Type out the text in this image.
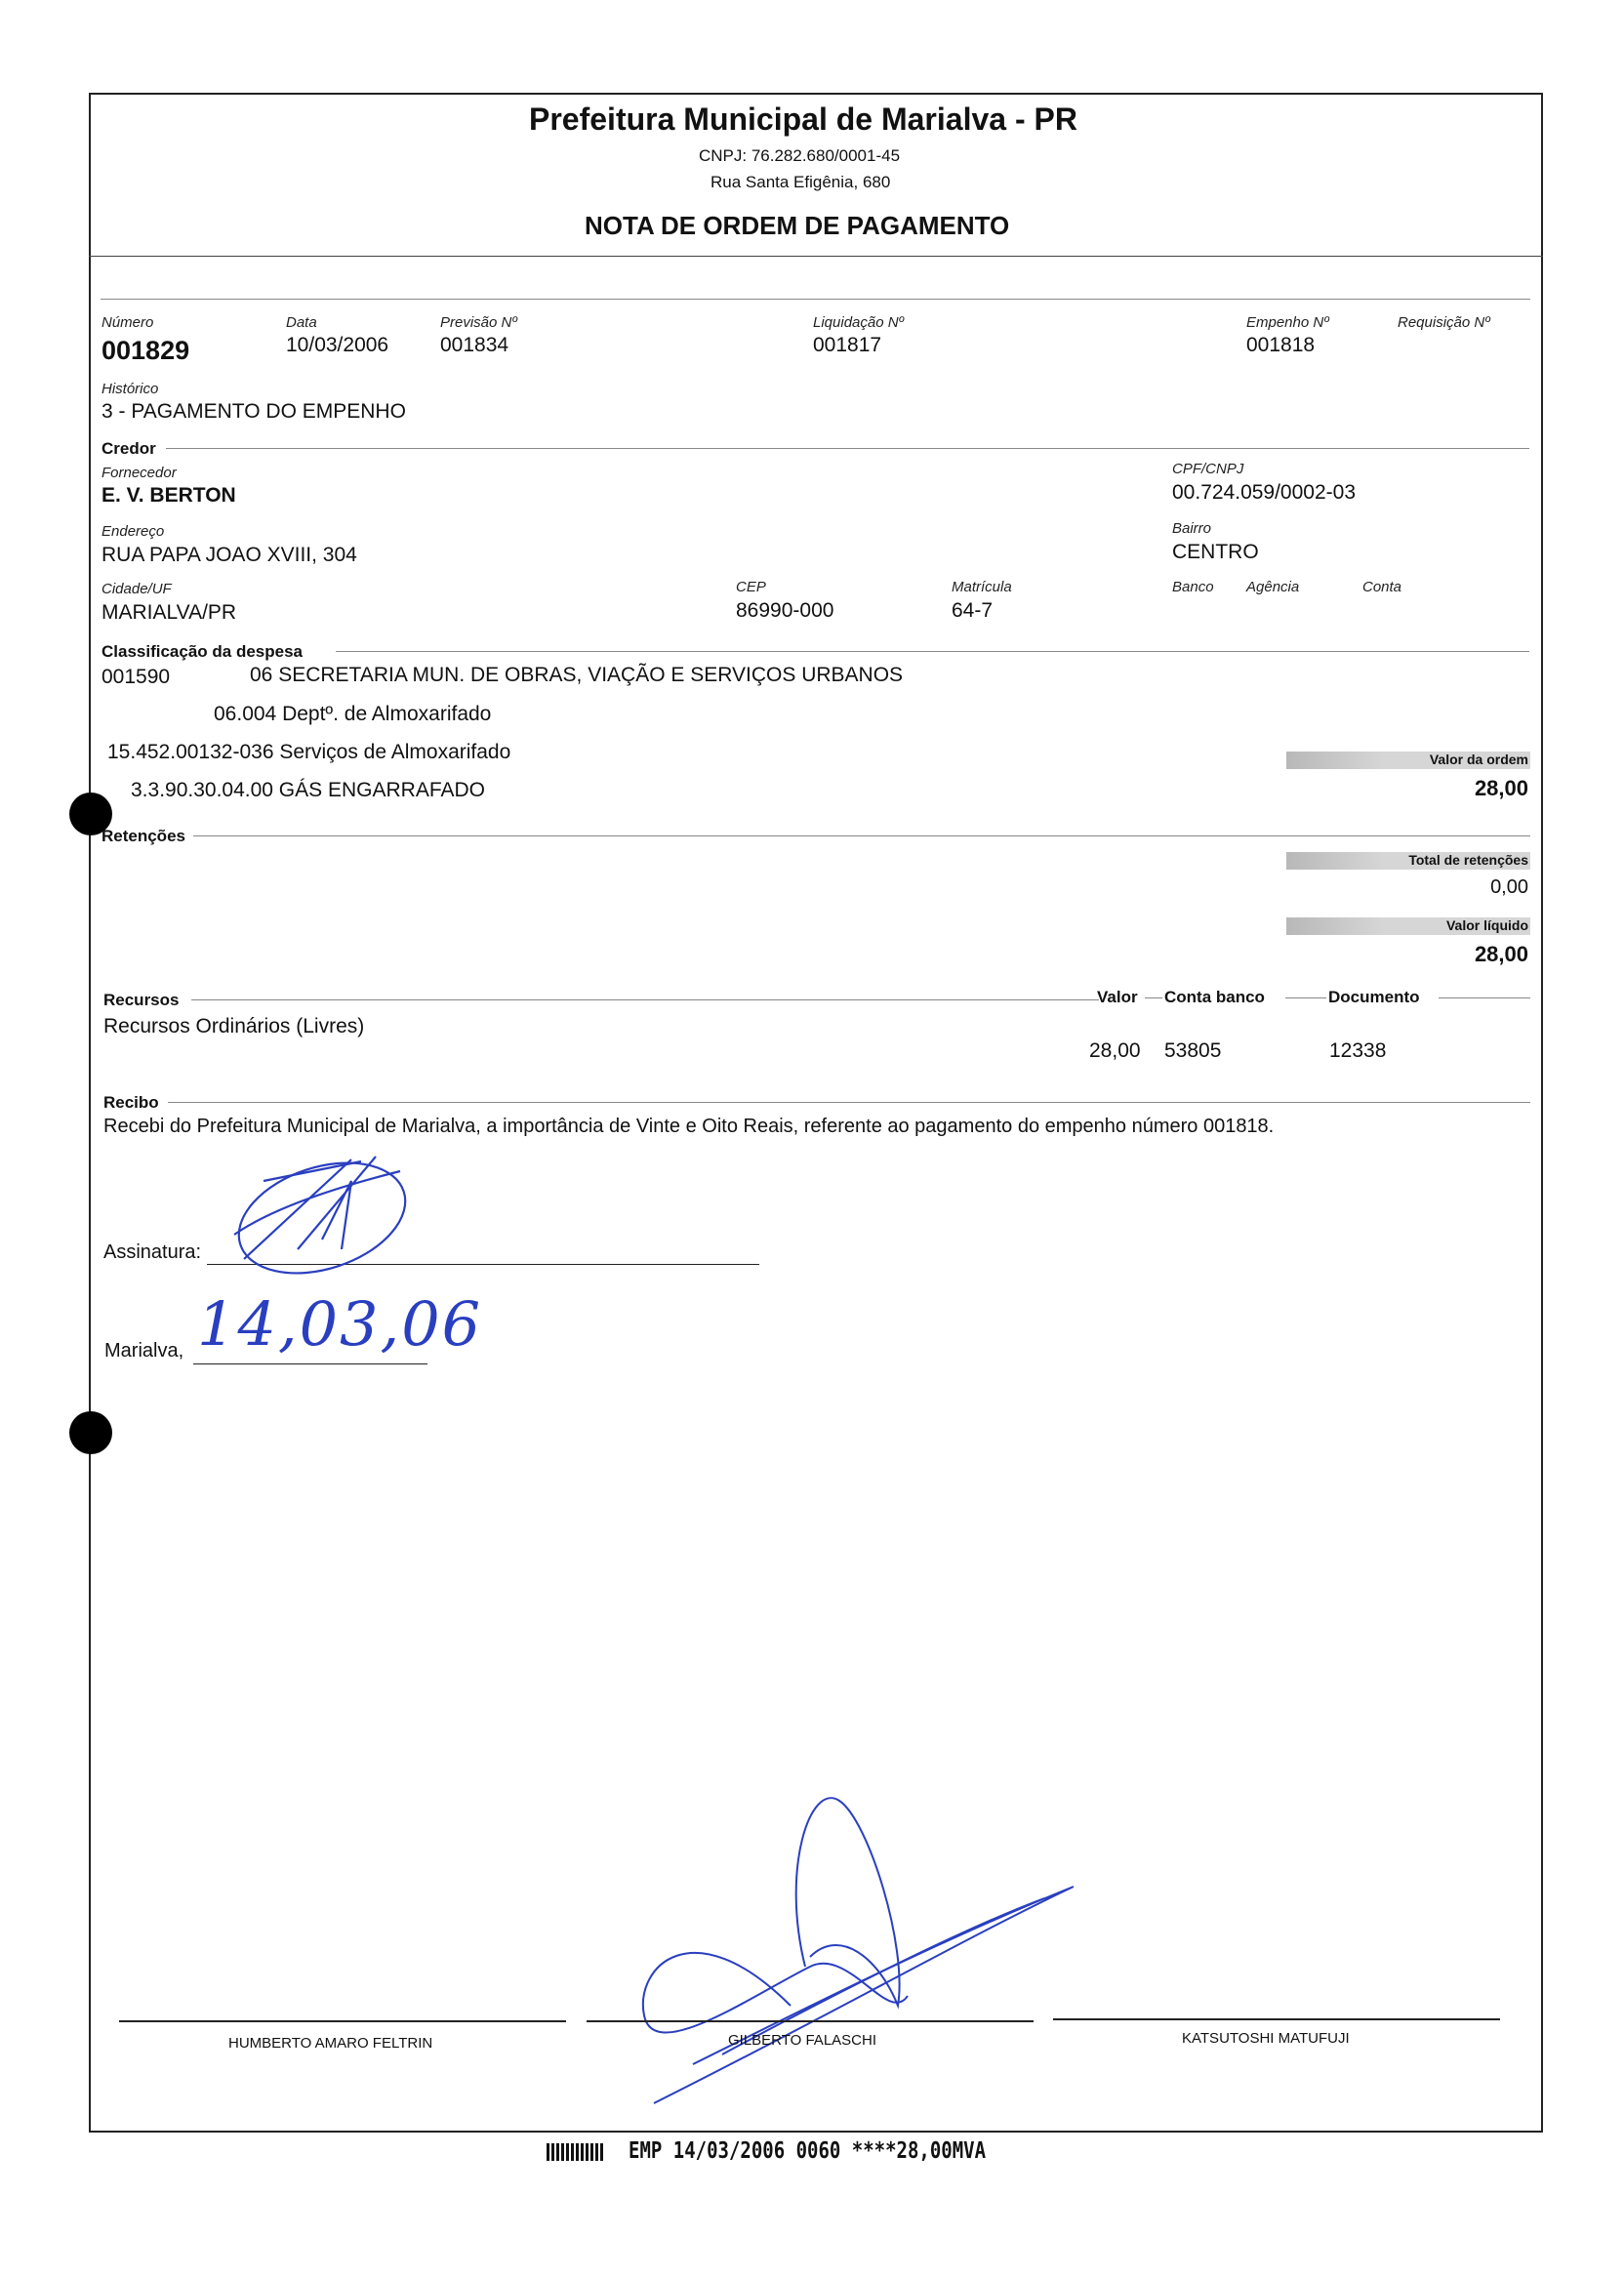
Prefeitura Municipal de Marialva - PR
CNPJ: 76.282.680/0001-45
Rua Santa Efigênia, 680
NOTA DE ORDEM DE PAGAMENTO
Número
001829
Data
10/03/2006
Previsão Nº
001834
Liquidação Nº
001817
Empenho Nº
001818
Requisição Nº
Histórico
3 - PAGAMENTO DO EMPENHO
Credor
Fornecedor
E. V. BERTON
CPF/CNPJ
00.724.059/0002-03
Endereço
RUA PAPA JOAO XVIII, 304
Bairro
CENTRO
Cidade/UF
MARIALVA/PR
CEP
86990-000
Matrícula
64-7
Banco Agência	Conta
Classificação da despesa
001590	06 SECRETARIA MUN. DE OBRAS, VIAÇÃO E SERVIÇOS URBANOS
06.004 Deptº. de Almoxarifado
15.452.00132-036 Serviços de Almoxarifado
3.3.90.30.04.00 GÁS ENGARRAFADO
Valor da ordem
28,00
Retenções
Total de retenções
0,00
Valor líquido
28,00
Recursos	Valor Conta banco	Documento
Recursos Ordinários (Livres)
28,00 53805	12338
Recibo
Recebi do Prefeitura Municipal de Marialva, a importância de Vinte e Oito Reais, referente ao pagamento do empenho número 001818.
Assinatura:
Marialva, 14,03,06
HUMBERTO AMARO FELTRIN	GILBERTO FALASCHI	KATSUTOSHI MATUFUJI
EMP 14/03/2006 0060 ****28,00MVA
